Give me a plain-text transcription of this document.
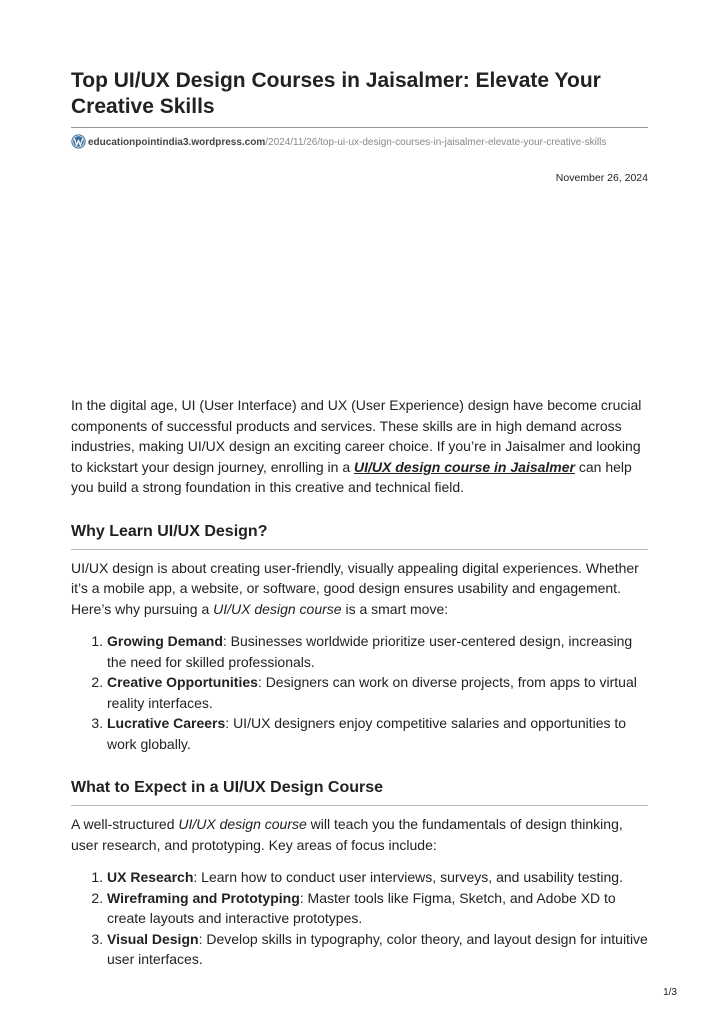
Top UI/UX Design Courses in Jaisalmer: Elevate Your Creative Skills
educationpointindia3.wordpress.com/2024/11/26/top-ui-ux-design-courses-in-jaisalmer-elevate-your-creative-skills
November 26, 2024

In the digital age, UI (User Interface) and UX (User Experience) design have become crucial components of successful products and services. These skills are in high demand across industries, making UI/UX design an exciting career choice. If you’re in Jaisalmer and looking to kickstart your design journey, enrolling in a UI/UX design course in Jaisalmer can help you build a strong foundation in this creative and technical field.

Why Learn UI/UX Design?

UI/UX design is about creating user-friendly, visually appealing digital experiences. Whether it’s a mobile app, a website, or software, good design ensures usability and engagement. Here’s why pursuing a UI/UX design course is a smart move:

1. Growing Demand: Businesses worldwide prioritize user-centered design, increasing the need for skilled professionals.
2. Creative Opportunities: Designers can work on diverse projects, from apps to virtual reality interfaces.
3. Lucrative Careers: UI/UX designers enjoy competitive salaries and opportunities to work globally.
What to Expect in a UI/UX Design Course

A well-structured UI/UX design course will teach you the fundamentals of design thinking, user research, and prototyping. Key areas of focus include:

1. UX Research: Learn how to conduct user interviews, surveys, and usability testing.
2. Wireframing and Prototyping: Master tools like Figma, Sketch, and Adobe XD to create layouts and interactive prototypes.
3. Visual Design: Develop skills in typography, color theory, and layout design for intuitive user interfaces.
1/3
